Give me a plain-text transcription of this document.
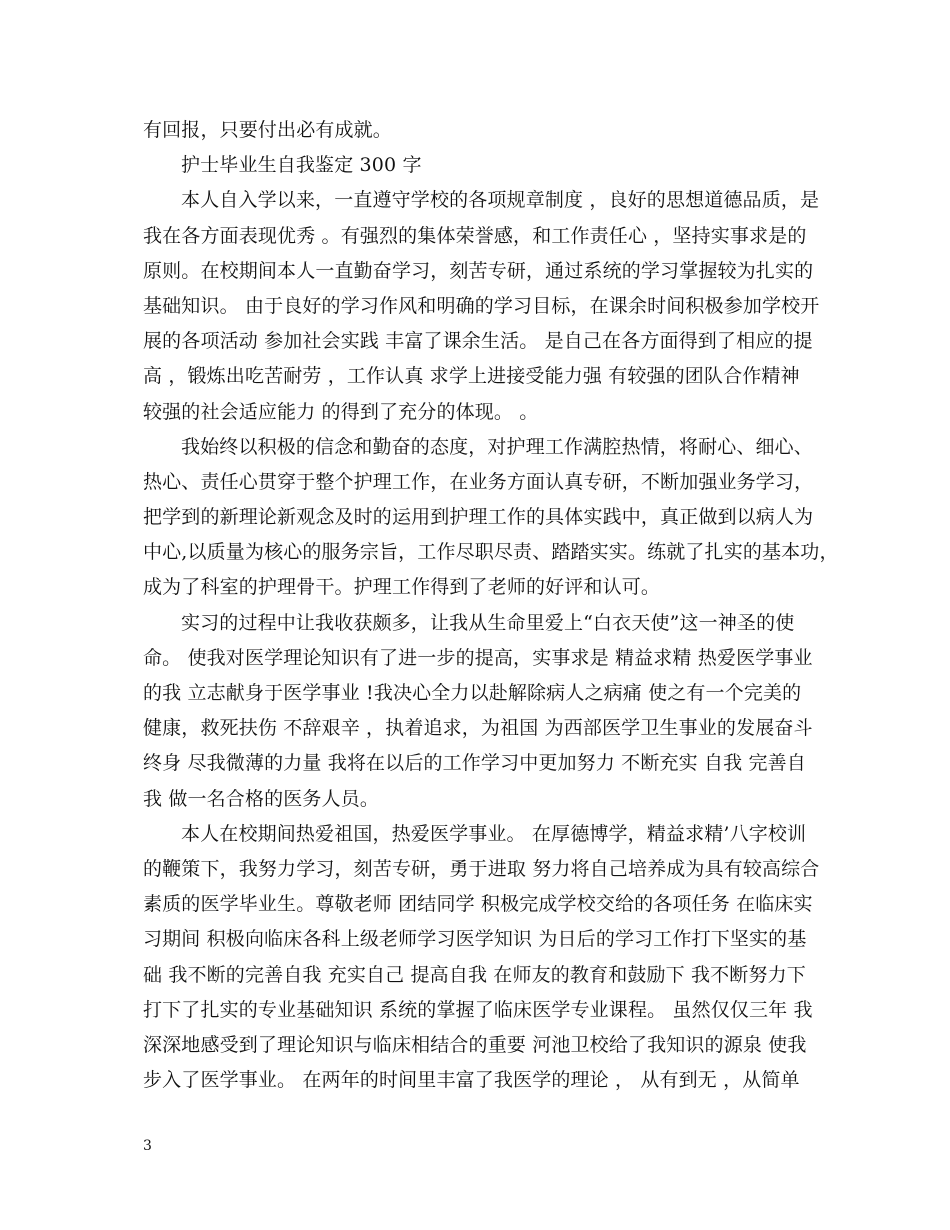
有回报，只要付出必有成就。
护士毕业生自我鉴定 300 字
本人自入学以来，一直遵守学校的各项规章制度 ，良好的思想道德品质，是
我在各方面表现优秀 。有强烈的集体荣誉感，和工作责任心 ，坚持实事求是的
原则。在校期间本人一直勤奋学习，刻苦专研，通过系统的学习掌握较为扎实的
基础知识。 由于良好的学习作风和明确的学习目标，在课余时间积极参加学校开
展的各项活动 参加社会实践 丰富了课余生活。 是自己在各方面得到了相应的提
高 ，锻炼出吃苦耐劳 ，工作认真 求学上进接受能力强 有较强的团队合作精神
较强的社会适应能力 的得到了充分的体现。 。
我始终以积极的信念和勤奋的态度，对护理工作满腔热情，将耐心、细心、
热心、责任心贯穿于整个护理工作，在业务方面认真专研，不断加强业务学习，
把学到的新理论新观念及时的运用到护理工作的具体实践中，真正做到以病人为
中心,以质量为核心的服务宗旨，工作尽职尽责、踏踏实实。练就了扎实的基本功，
成为了科室的护理骨干。护理工作得到了老师的好评和认可。
实习的过程中让我收获颇多，让我从生命里爱上“白衣天使”这一神圣的使
命。 使我对医学理论知识有了进一步的提高，实事求是 精益求精 热爱医学事业
的我 立志献身于医学事业 !我决心全力以赴解除病人之病痛 使之有一个完美的
健康，救死扶伤 不辞艰辛 ，执着追求，为祖国 为西部医学卫生事业的发展奋斗
终身 尽我微薄的力量 我将在以后的工作学习中更加努力 不断充实 自我 完善自
我 做一名合格的医务人员。
本人在校期间热爱祖国，热爱医学事业。 在厚德博学，精益求精’八字校训
的鞭策下，我努力学习，刻苦专研，勇于进取 努力将自己培养成为具有较高综合
素质的医学毕业生。尊敬老师 团结同学 积极完成学校交给的各项任务 在临床实
习期间 积极向临床各科上级老师学习医学知识 为日后的学习工作打下坚实的基
础 我不断的完善自我 充实自己 提高自我 在师友的教育和鼓励下 我不断努力下
打下了扎实的专业基础知识 系统的掌握了临床医学专业课程。 虽然仅仅三年 我
深深地感受到了理论知识与临床相结合的重要 河池卫校给了我知识的源泉 使我
步入了医学事业。 在两年的时间里丰富了我医学的理论 ， 从有到无 ，从简单
3
